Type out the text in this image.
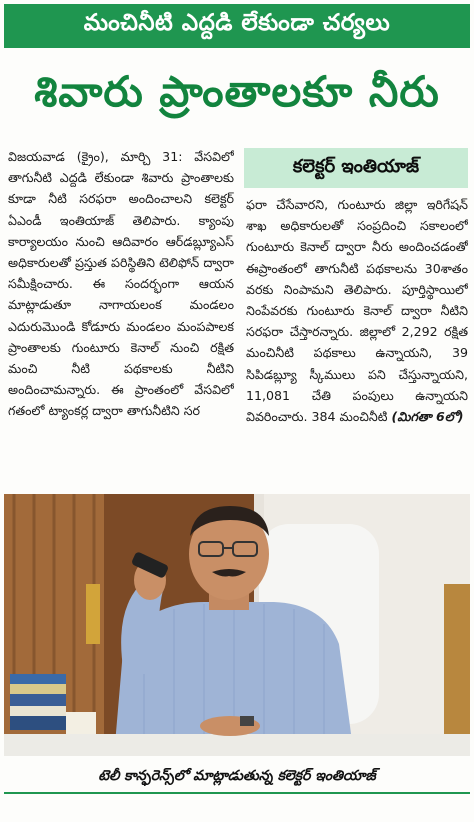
మంచినీటి ఎద్దడి లేకుండా చర్యలు
శివారు ప్రాంతాలకూ నీరు

విజయవాడ (క్రైం), మార్చి 31: వేసవిలో తాగునీటి ఎద్దడి లేకుండా శివారు ప్రాంతాలకు కూడా నీటి సరఫరా అందించాలని కలెక్టర్ ఏఎండీ ఇంతియాజ్ తెలిపారు. క్యాంపు కార్యాలయం నుంచి ఆదివారం ఆర్‌డబ్ల్యూఎస్ అధికారులతో ప్రస్తుత పరిస్థితిని టెలిఫోన్ ద్వారా సమీక్షించారు. ఈ సందర్భంగా ఆయన మాట్లాడుతూ నాగాయలంక మండలం ఎదురుమొండి కోడూరు మండలం మంపపాలక ప్రాంతాలకు గుంటూరు కెనాల్ నుంచి రక్షిత మంచి నీటి పథకాలకు నీటిని అందించామన్నారు. ఈ ప్రాంతంలో వేసవిలో గతంలో ట్యాంకర్ల ద్వారా తాగునీటిని సర

కలెక్టర్ ఇంతియాజ్

ఫరా చేసేవారని, గుంటూరు జిల్లా ఇరిగేషన్ శాఖ అధికారులతో సంప్రదించి సకాలంలో గుంటూరు కెనాల్ ద్వారా నీరు అందించడంతో ఈప్రాంతంలో తాగునీటి పథకాలను 30శాతం వరకు నింపామని తెలిపారు. పూర్తిస్థాయిలో నింపేవరకు గుంటూరు కెనాల్ ద్వారా నీటిని సరఫరా చేస్తారన్నారు. జిల్లాలో 2,292 రక్షిత మంచినీటి పథకాలు ఉన్నాయని, 39 సిపిడబ్ల్యూ స్కీములు పని చేస్తున్నాయని, 11,081 చేతి పంపులు ఉన్నాయని వివరించారు. 384 మంచినీటి (మిగతా 6లో)

టెలీ కాన్ఫరెన్స్‌లో మాట్లాడుతున్న కలెక్టర్ ఇంతియాజ్
